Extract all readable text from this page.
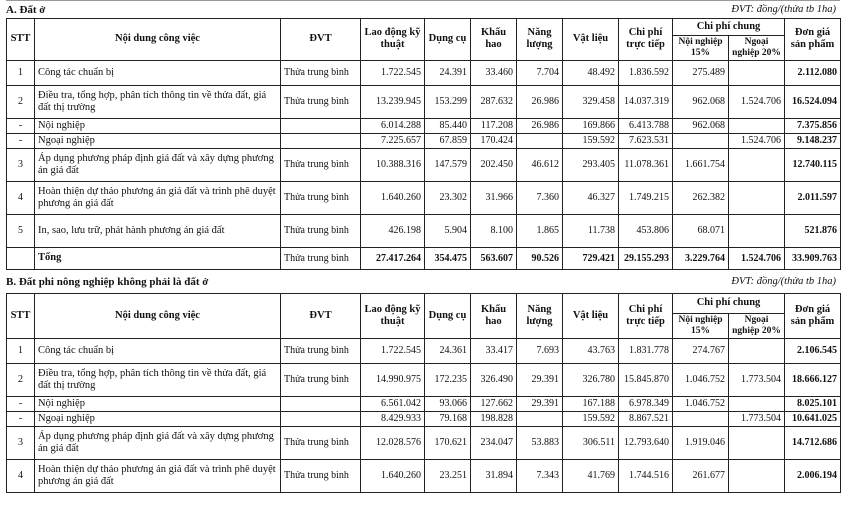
A. Đất ở	ĐVT: đồng/(thửa tb 1ha)
STT	Nội dung công việc	ĐVT	Lao động kỹ thuật	Dụng cụ	Khấu hao	Năng lượng	Vật liệu	Chi phí trực tiếp	Chi phí chung		Đơn giá sản phẩm
									Nội nghiệp 15%	Ngoại nghiệp 20%	
1	Công tác chuẩn bị	Thửa trung bình	1.722.545	24.391	33.460	7.704	48.492	1.836.592	275.489		2.112.080
2	Điều tra, tổng hợp, phân tích thông tin về thửa đất, giá đất thị trường	Thửa trung bình	13.239.945	153.299	287.632	26.986	329.458	14.037.319	962.068	1.524.706	16.524.094
-	Nội nghiệp		6.014.288	85.440	117.208	26.986	169.866	6.413.788	962.068		7.375.856
-	Ngoại nghiệp		7.225.657	67.859	170.424		159.592	7.623.531		1.524.706	9.148.237
3	Áp dụng phương pháp định giá đất và xây dựng phương án giá đất	Thửa trung bình	10.388.316	147.579	202.450	46.612	293.405	11.078.361	1.661.754		12.740.115
4	Hoàn thiện dự thảo phương án giá đất và trình phê duyệt phương án giá đất	Thửa trung bình	1.640.260	23.302	31.966	7.360	46.327	1.749.215	262.382		2.011.597
5	In, sao, lưu trữ, phát hành phương án giá đất	Thửa trung bình	426.198	5.904	8.100	1.865	11.738	453.806	68.071		521.876
	Tổng	Thửa trung bình	27.417.264	354.475	563.607	90.526	729.421	29.155.293	3.229.764	1.524.706	33.909.763
B. Đất phi nông nghiệp không phải là đất ở	ĐVT: đồng/(thửa tb 1ha)
STT	Nội dung công việc	ĐVT	Lao động kỹ thuật	Dụng cụ	Khấu hao	Năng lượng	Vật liệu	Chi phí trực tiếp	Chi phí chung		Đơn giá sản phẩm
									Nội nghiệp 15%	Ngoại nghiệp 20%	
1	Công tác chuẩn bị	Thửa trung bình	1.722.545	24.361	33.417	7.693	43.763	1.831.778	274.767		2.106.545
2	Điều tra, tổng hợp, phân tích thông tin về thửa đất, giá đất thị trường	Thửa trung bình	14.990.975	172.235	326.490	29.391	326.780	15.845.870	1.046.752	1.773.504	18.666.127
-	Nội nghiệp		6.561.042	93.066	127.662	29.391	167.188	6.978.349	1.046.752		8.025.101
-	Ngoại nghiệp		8.429.933	79.168	198.828		159.592	8.867.521		1.773.504	10.641.025
3	Áp dụng phương pháp định giá đất và xây dựng phương án giá đất	Thửa trung bình	12.028.576	170.621	234.047	53.883	306.511	12.793.640	1.919.046		14.712.686
4	Hoàn thiện dự thảo phương án giá đất và trình phê duyệt phương án giá đất	Thửa trung bình	1.640.260	23.251	31.894	7.343	41.769	1.744.516	261.677		2.006.194
